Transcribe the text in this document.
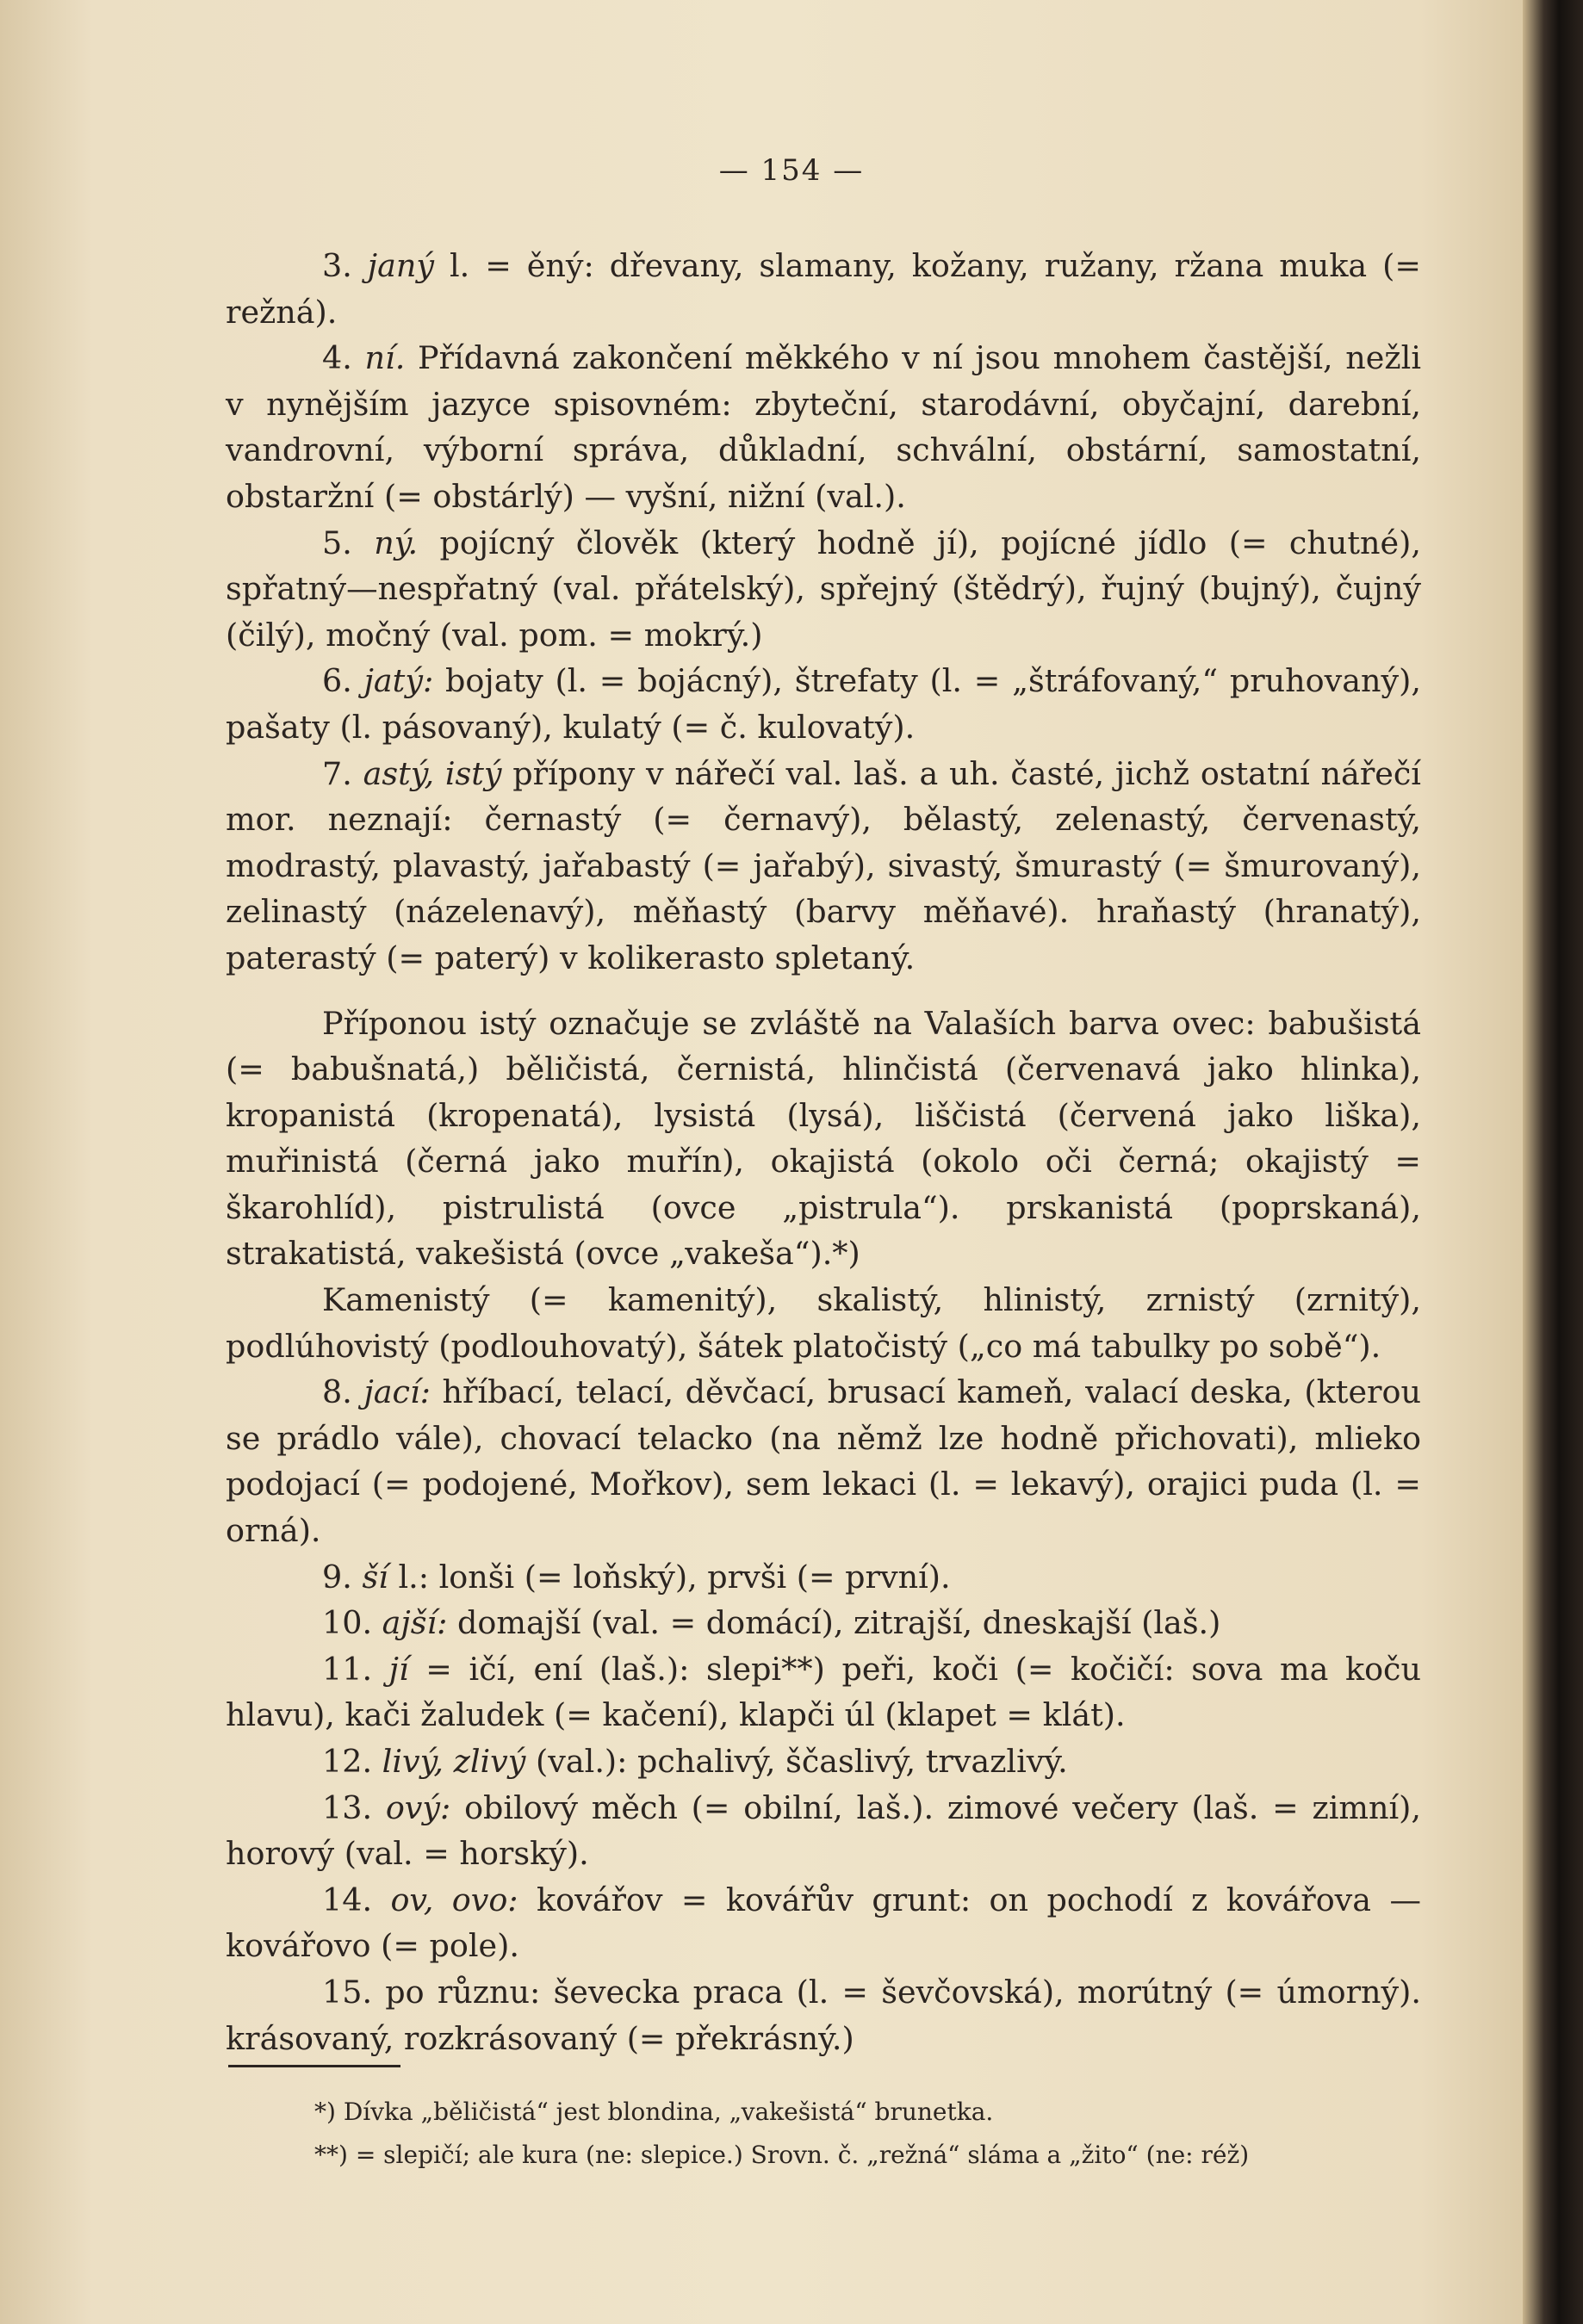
— 154 —

3. janý l. = ěný: dřevany, slamany, kožany, ružany, ržana muka (= režná).

4. ní. Přídavná zakončení měkkého v ní jsou mnohem častější, nežli v nynějším jazyce spisovném: zbyteční, starodávní, obyčajní, darební, vandrovní, výborní správa, důkladní, schvální, obstární, samostatní, obstaržní (= obstárlý) — vyšní, nižní (val.).

5. ný. pojícný člověk (který hodně jí), pojícné jídlo (= chutné), spřatný—nespřatný (val. přátelský), spřejný (štědrý), řujný (bujný), čujný (čilý), močný (val. pom. = mokrý.)

6. jatý: bojaty (l. = bojácný), štrefaty (l. = „štráfovaný,“ pruhovaný), pašaty (l. pásovaný), kulatý (= č. kulovatý).

7. astý, istý přípony v nářečí val. laš. a uh. časté, jichž ostatní nářečí mor. neznají: černastý (= černavý), bělastý, zelenastý, červenastý, modrastý, plavastý, jařabastý (= jařabý), sivastý, šmurastý (= šmurovaný), zelinastý (názelenavý), měňastý (barvy měňavé). hraňastý (hranatý), paterastý (= paterý) v kolikerasto spletaný.

Příponou istý označuje se zvláště na Valaších barva ovec: babušistá (= babušnatá,) běličistá, černistá, hlinčistá (červenavá jako hlinka), kropanistá (kropenatá), lysistá (lysá), liščistá (červená jako liška), muřinistá (černá jako muřín), okajistá (okolo oči černá; okajistý = škarohlíd), pistrulistá (ovce „pistrula“). prskanistá (poprskaná), strakatistá, vakešistá (ovce „vakeša“).*)

Kamenistý (= kamenitý), skalistý, hlinistý, zrnistý (zrnitý), podlúhovistý (podlouhovatý), šátek platočistý („co má tabulky po sobě“).

8. jací: hříbací, telací, děvčací, brusací kameň, valací deska, (kterou se prádlo vále), chovací telacko (na němž lze hodně přichovati), mlieko podojací (= podojené, Mořkov), sem lekaci (l. = lekavý), orajici puda (l. = orná).

9. ší l.: lonši (= loňský), prvši (= první).

10. ajší: domajší (val. = domácí), zitrajší, dneskajší (laš.)

11. jí = ičí, ení (laš.): slepi**) peři, koči (= kočičí: sova ma koču hlavu), kači žaludek (= kačení), klapči úl (klapet = klát).

12. livý, zlivý (val.): pchalivý, ščaslivý, trvazlivý.

13. ový: obilový měch (= obilní, laš.). zimové večery (laš. = zimní), horový (val. = horský).

14. ov, ovo: kovářov = kovářův grunt: on pochodí z kovářova — kovářovo (= pole).

15. po různu: ševecka praca (l. = ševčovská), morútný (= úmorný). krásovaný, rozkrásovaný (= překrásný.)

*) Dívka „běličistá“ jest blondina, „vakešistá“ brunetka.

**) = slepičí; ale kura (ne: slepice.) Srovn. č. „režná“ sláma a „žito“ (ne: réž)
